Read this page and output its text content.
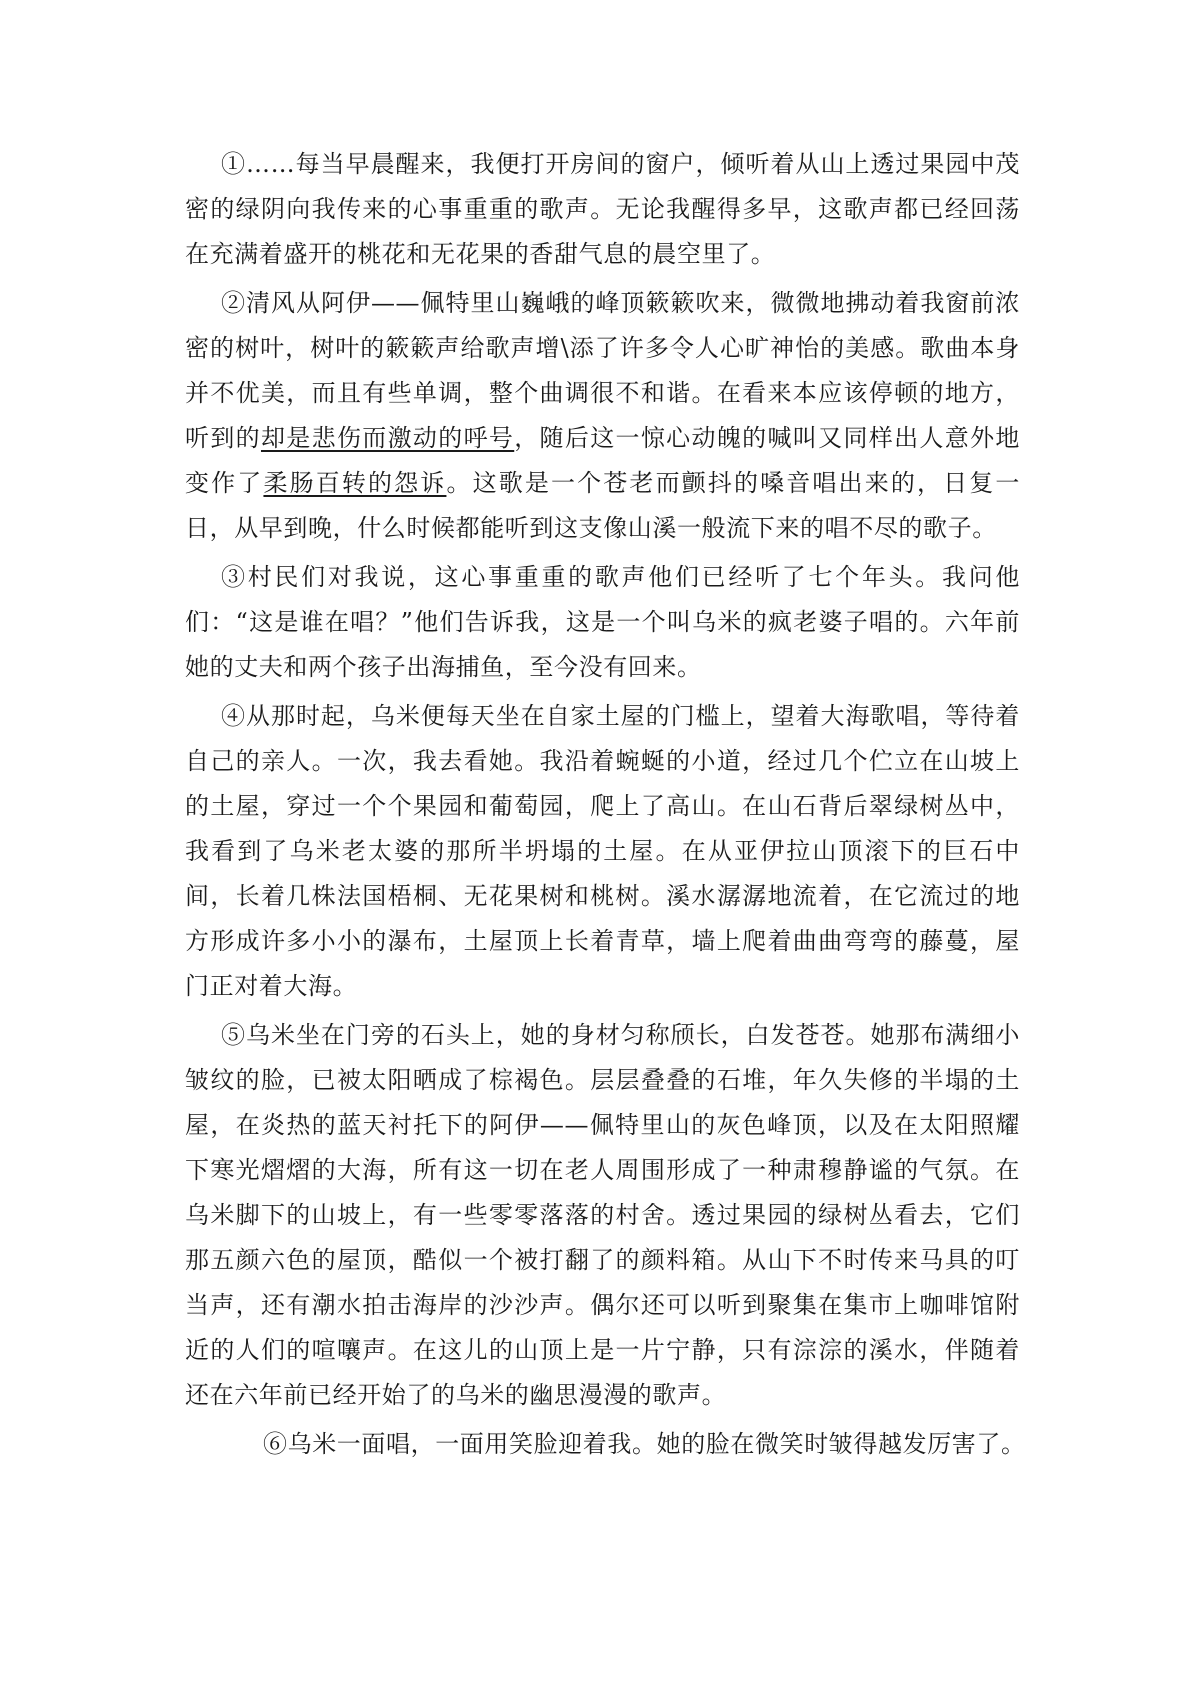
①……每当早晨醒来，我便打开房间的窗户，倾听着从山上透过果园中茂密的绿阴向我传来的心事重重的歌声。无论我醒得多早，这歌声都已经回荡在充满着盛开的桃花和无花果的香甜气息的晨空里了。

②清风从阿伊——佩特里山巍峨的峰顶簌簌吹来，微微地拂动着我窗前浓密的树叶，树叶的簌簌声给歌声增\添了许多令人心旷神怡的美感。歌曲本身并不优美，而且有些单调，整个曲调很不和谐。在看来本应该停顿的地方，听到的却是悲伤而激动的呼号，随后这一惊心动魄的喊叫又同样出人意外地变作了柔肠百转的怨诉。这歌是一个苍老而颤抖的嗓音唱出来的，日复一日，从早到晚，什么时候都能听到这支像山溪一般流下来的唱不尽的歌子。

③村民们对我说，这心事重重的歌声他们已经听了七个年头。我问他们：“这是谁在唱？”他们告诉我，这是一个叫乌米的疯老婆子唱的。六年前她的丈夫和两个孩子出海捕鱼，至今没有回来。

④从那时起，乌米便每天坐在自家土屋的门槛上，望着大海歌唱，等待着自己的亲人。一次，我去看她。我沿着蜿蜒的小道，经过几个伫立在山坡上的土屋，穿过一个个果园和葡萄园，爬上了高山。在山石背后翠绿树丛中，我看到了乌米老太婆的那所半坍塌的土屋。在从亚伊拉山顶滚下的巨石中间，长着几株法国梧桐、无花果树和桃树。溪水潺潺地流着，在它流过的地方形成许多小小的瀑布，土屋顶上长着青草，墙上爬着曲曲弯弯的藤蔓，屋门正对着大海。

⑤乌米坐在门旁的石头上，她的身材匀称颀长，白发苍苍。她那布满细小皱纹的脸，已被太阳晒成了棕褐色。层层叠叠的石堆，年久失修的半塌的土屋，在炎热的蓝天衬托下的阿伊——佩特里山的灰色峰顶，以及在太阳照耀下寒光熠熠的大海，所有这一切在老人周围形成了一种肃穆静谧的气氛。在乌米脚下的山坡上，有一些零零落落的村舍。透过果园的绿树丛看去，它们那五颜六色的屋顶，酷似一个被打翻了的颜料箱。从山下不时传来马具的叮当声，还有潮水拍击海岸的沙沙声。偶尔还可以听到聚集在集市上咖啡馆附近的人们的喧嚷声。在这儿的山顶上是一片宁静，只有淙淙的溪水，伴随着还在六年前已经开始了的乌米的幽思漫漫的歌声。

⑥乌米一面唱，一面用笑脸迎着我。她的脸在微笑时皱得越发厉害了。
